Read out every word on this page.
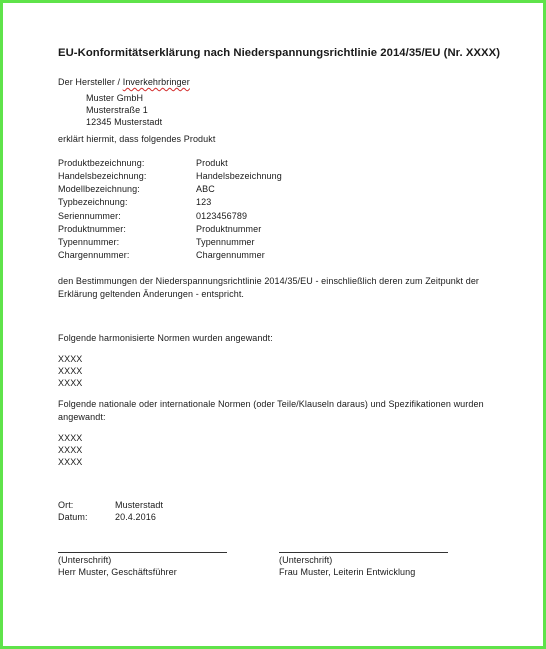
EU-Konformitätserklärung nach Niederspannungsrichtlinie 2014/35/EU (Nr. XXXX)
Der Hersteller / Inverkehrbringer
Muster GmbH
Musterstraße 1
12345 Musterstadt
erklärt hiermit, dass folgendes Produkt
Produktbezeichnung:	Produkt
Handelsbezeichnung:	Handelsbezeichnung
Modellbezeichnung:	ABC
Typbezeichnung:	123
Seriennummer:	0123456789
Produktnummer:	Produktnummer
Typennummer:	Typennummer
Chargennummer:	Chargennummer
den Bestimmungen der Niederspannungsrichtlinie 2014/35/EU - einschließlich deren zum Zeitpunkt der
Erklärung geltenden Änderungen - entspricht.
Folgende harmonisierte Normen wurden angewandt:
XXXX
XXXX
XXXX
Folgende nationale oder internationale Normen (oder Teile/Klauseln daraus) und Spezifikationen wurden
angewandt:
XXXX
XXXX
XXXX
Ort:	Musterstadt
Datum:	20.4.2016
(Unterschrift)
Herr Muster, Geschäftsführer
(Unterschrift)
Frau Muster, Leiterin Entwicklung
